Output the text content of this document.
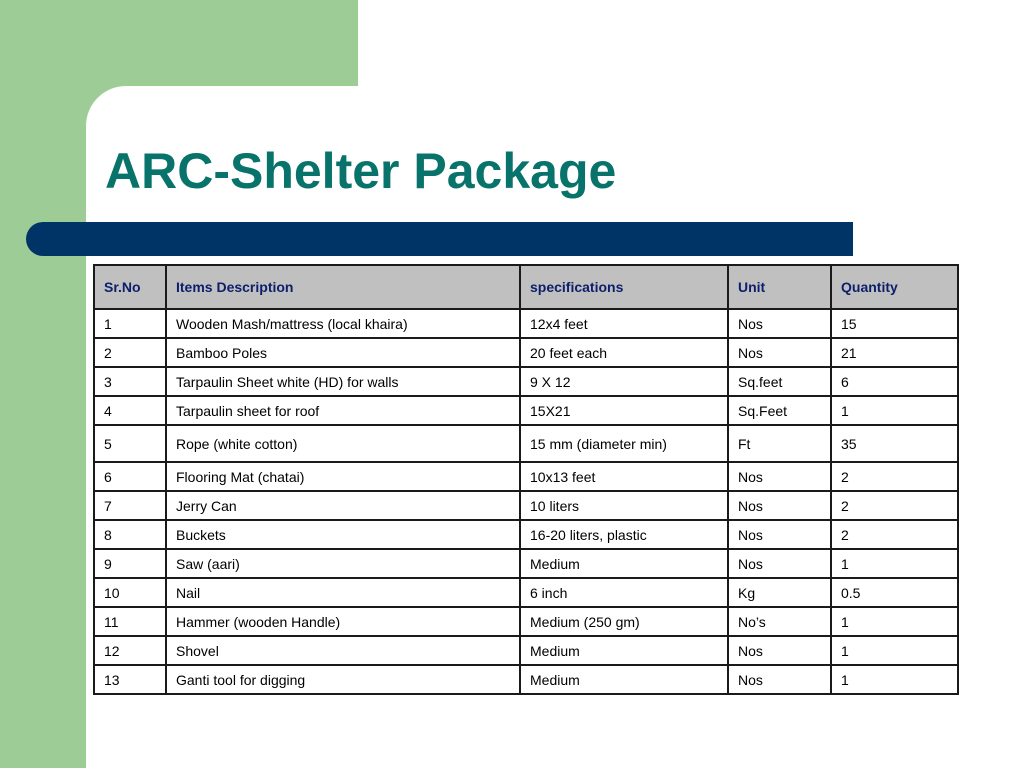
ARC-Shelter Package
Sr.No	Items Description	specifications	Unit	Quantity
1	Wooden Mash/mattress (local khaira)	12x4 feet	Nos	15
2	Bamboo Poles	20 feet each	Nos	21
3	Tarpaulin Sheet white (HD) for walls	9 X 12	Sq.feet	6
4	Tarpaulin sheet for roof	15X21	Sq.Feet	1
5	Rope (white cotton)	15 mm (diameter min)	Ft	35
6	Flooring Mat (chatai)	10x13 feet	Nos	2
7	Jerry Can	10 liters	Nos	2
8	Buckets	16-20 liters, plastic	Nos	2
9	Saw (aari)	Medium	Nos	1
10	Nail	6 inch	Kg	0.5
11	Hammer (wooden Handle)	Medium (250 gm)	No’s	1
12	Shovel	Medium	Nos	1
13	Ganti tool for digging	Medium	Nos	1
